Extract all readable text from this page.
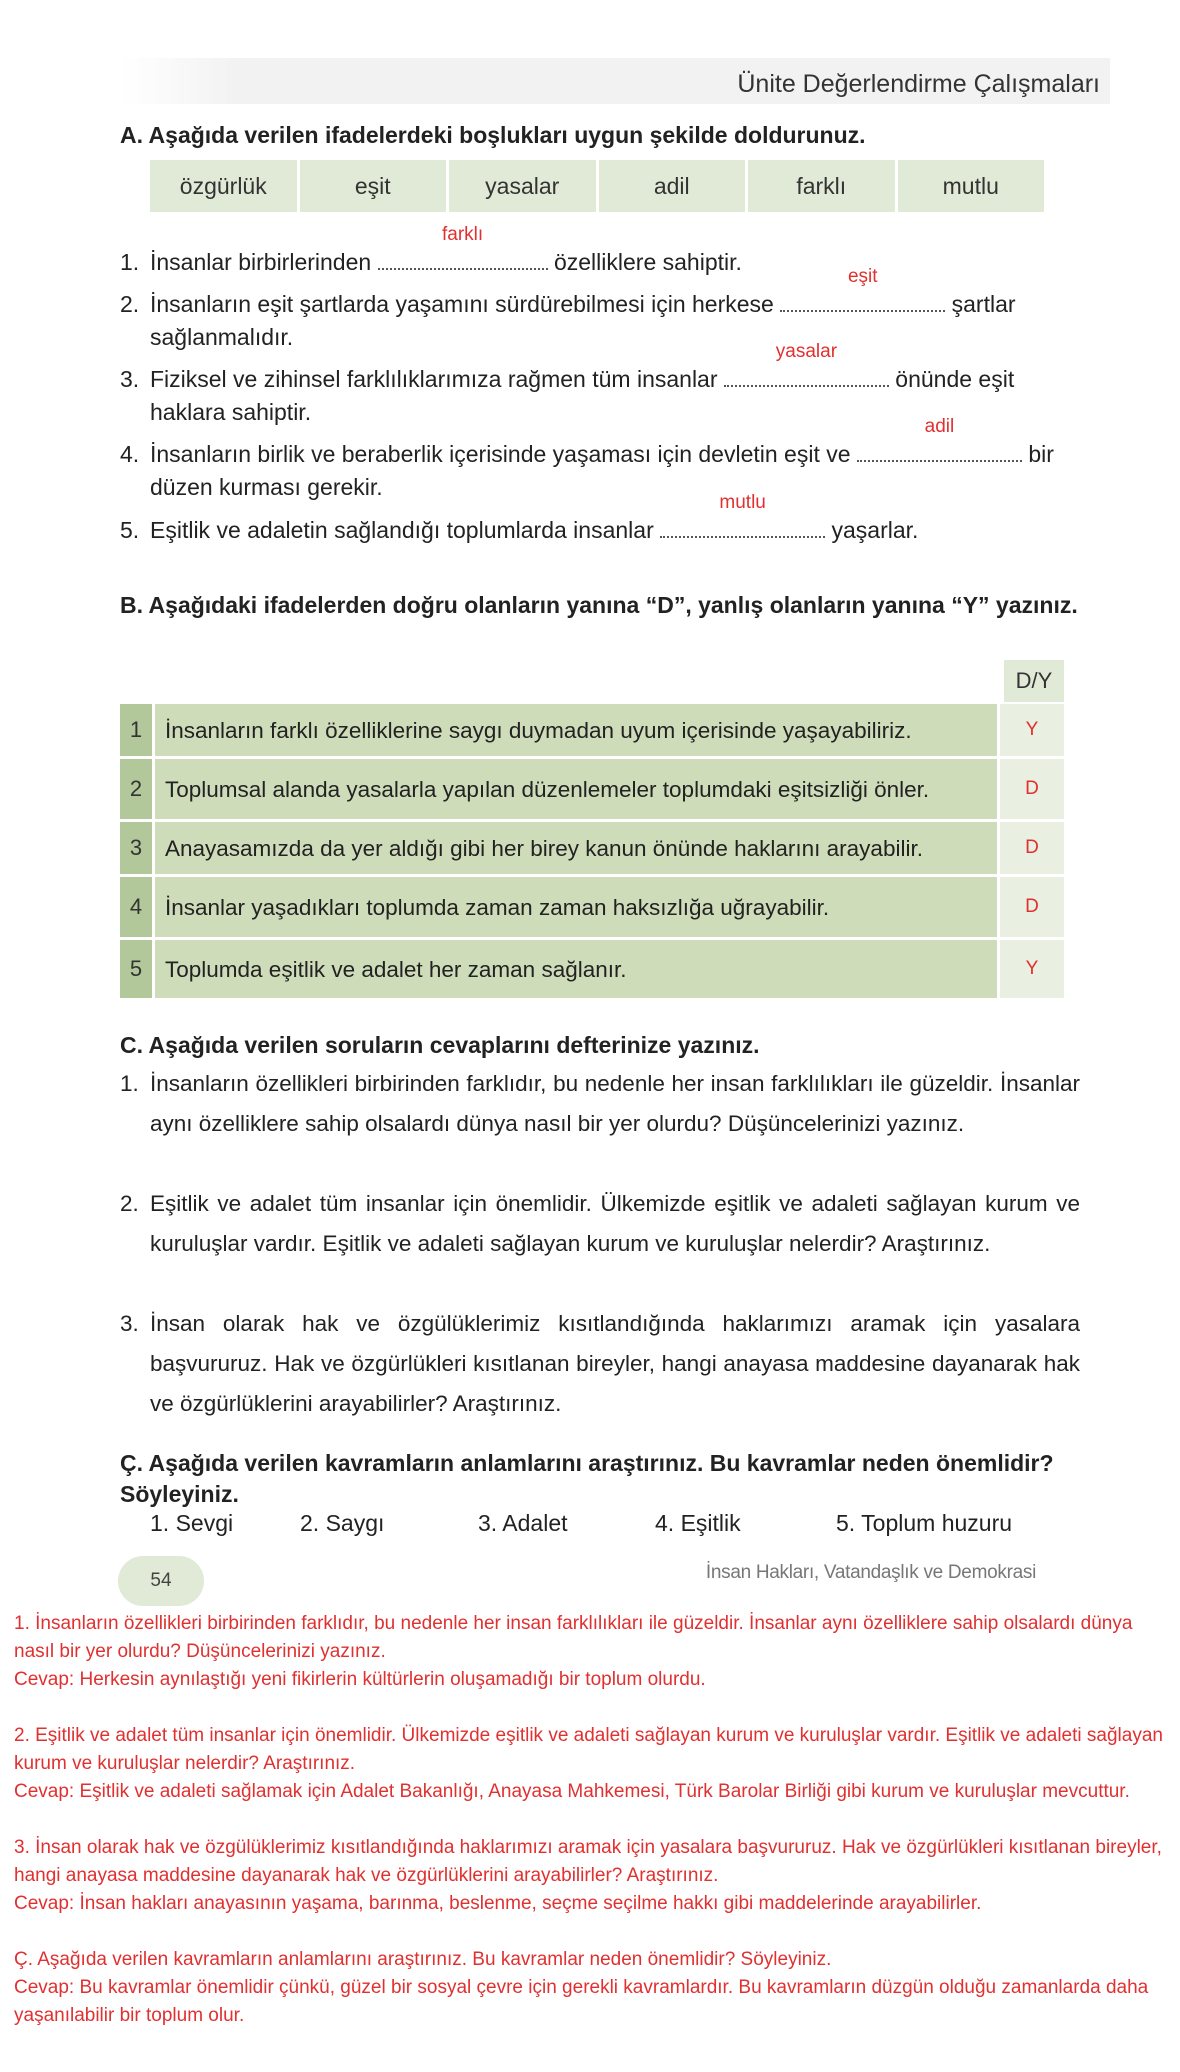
Ünite Değerlendirme Çalışmaları
A. Aşağıda verilen ifadelerdeki boşlukları uygun şekilde doldurunuz.
özgürlük	eşit	yasalar	adil	farklı	mutlu
1. İnsanlar birbirlerinden
farklı
özelliklere sahiptir.
2. İnsanların eşit şartlarda yaşamını sürdürebilmesi için herkese
eşit
şartlar sağlanmalıdır.
3. Fiziksel ve zihinsel farklılıklarımıza rağmen tüm insanlar
yasalar
önünde eşit haklara sahiptir.
4. İnsanların birlik ve beraberlik içerisinde yaşaması için devletin eşit ve
adil
bir düzen kurması gerekir.
5. Eşitlik ve adaletin sağlandığı toplumlarda insanlar
mutlu
yaşarlar.
B. Aşağıdaki ifadelerden doğru olanların yanına “D”, yanlış olanların yanına “Y” yazınız.
D/Y
1	İnsanların farklı özelliklerine saygı duymadan uyum içerisinde yaşayabiliriz.	Y
2	Toplumsal alanda yasalarla yapılan düzenlemeler toplumdaki eşitsizliği önler.	D
3	Anayasamızda da yer aldığı gibi her birey kanun önünde haklarını arayabilir.	D
4	İnsanlar yaşadıkları toplumda zaman zaman haksızlığa uğrayabilir.	D
5	Toplumda eşitlik ve adalet her zaman sağlanır.	Y
C. Aşağıda verilen soruların cevaplarını defterinize yazınız.
1. İnsanların özellikleri birbirinden farklıdır, bu nedenle her insan farklılıkları ile güzeldir. İnsanlar aynı özelliklere sahip olsalardı dünya nasıl bir yer olurdu? Düşüncelerinizi yazınız.
2. Eşitlik ve adalet tüm insanlar için önemlidir. Ülkemizde eşitlik ve adaleti sağlayan kurum ve kuruluşlar vardır. Eşitlik ve adaleti sağlayan kurum ve kuruluşlar nelerdir? Araştırınız.
3. İnsan olarak hak ve özgülüklerimiz kısıtlandığında haklarımızı aramak için yasalara başvururuz. Hak ve özgürlükleri kısıtlanan bireyler, hangi anayasa maddesine dayanarak hak ve özgürlüklerini arayabilirler? Araştırınız.
Ç. Aşağıda verilen kavramların anlamlarını araştırınız. Bu kavramlar neden önemlidir? Söyleyiniz.
1. Sevgi	2. Saygı	3. Adalet	4. Eşitlik	5. Toplum huzuru
54	İnsan Hakları, Vatandaşlık ve Demokrasi

1. İnsanların özellikleri birbirinden farklıdır, bu nedenle her insan farklılıkları ile güzeldir. İnsanlar aynı özelliklere sahip olsalardı dünya nasıl bir yer olurdu? Düşüncelerinizi yazınız.

Cevap: Herkesin aynılaştığı yeni fikirlerin kültürlerin oluşamadığı bir toplum olurdu.

2. Eşitlik ve adalet tüm insanlar için önemlidir. Ülkemizde eşitlik ve adaleti sağlayan kurum ve kuruluşlar vardır. Eşitlik ve adaleti sağlayan kurum ve kuruluşlar nelerdir? Araştırınız.

Cevap: Eşitlik ve adaleti sağlamak için Adalet Bakanlığı, Anayasa Mahkemesi, Türk Barolar Birliği gibi kurum ve kuruluşlar mevcuttur.

3. İnsan olarak hak ve özgülüklerimiz kısıtlandığında haklarımızı aramak için yasalara başvururuz. Hak ve özgürlükleri kısıtlanan bireyler, hangi anayasa maddesine dayanarak hak ve özgürlüklerini arayabilirler? Araştırınız.

Cevap: İnsan hakları anayasının yaşama, barınma, beslenme, seçme seçilme hakkı gibi maddelerinde arayabilirler.

Ç. Aşağıda verilen kavramların anlamlarını araştırınız. Bu kavramlar neden önemlidir? Söyleyiniz.

Cevap: Bu kavramlar önemlidir çünkü, güzel bir sosyal çevre için gerekli kavramlardır. Bu kavramların düzgün olduğu zamanlarda daha yaşanılabilir bir toplum olur.
